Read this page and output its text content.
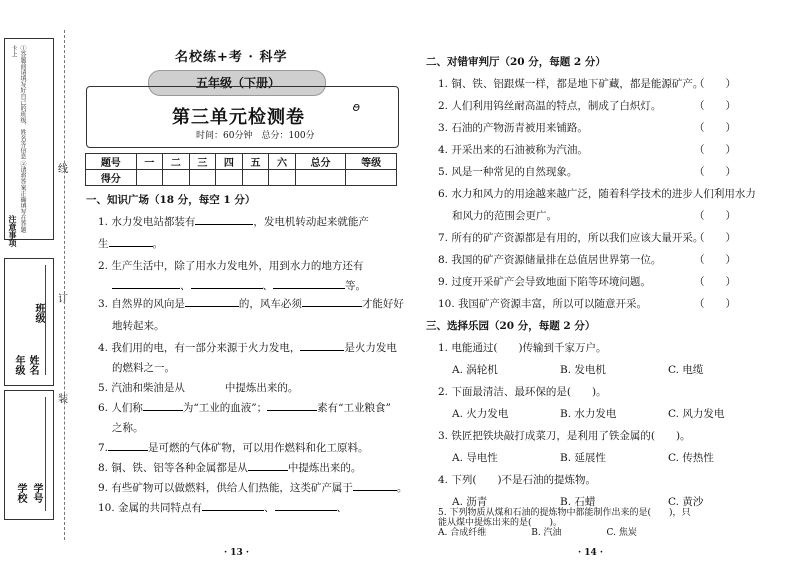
①答题前请填写好自己的班级、姓名等信息 ②请将答案正确填写在答题卡上
注意事项
班级
年级 姓名
学校 学号
线
订
装
名校练+考 · 科学
五年级（下册）
第三单元检测卷
时间：60分钟　总分：100分
ꪮ
题号	一	二	三	四	五	六	总分	等级
得分								
一、知识广场（18 分，每空 1 分）
1. 水力发电站都装有	，发电机转动起来就能产
生	。
2. 生产生活中，除了用水力发电外，用到水力的地方还有
、	、	等。
3. 自然界的风向是	的，风车必须	才能好好
地转起来。
4. 我们用的电，有一部分来源于火力发电，	是火力发电
的燃料之一。
5. 汽油和柴油是从	中提炼出来的。
6. 人们称	为“工业的血液”；	素有“工业粮食”
之称。
7.	是可燃的气体矿物，可以用作燃料和化工原料。
8. 铜、铁、铝等各种金属都是从	中提炼出来的。
9. 有些矿物可以做燃料，供给人们热能，这类矿产属于	。
10. 金属的共同特点有	、	、
· 13 ·
二、对错审判厅（20 分，每题 2 分）
1. 铜、铁、铝跟煤一样，都是地下矿藏，都是能源矿产。
（　　）
2. 人们利用钨丝耐高温的特点，制成了白炽灯。	（　　）
3. 石油的产物沥青被用来铺路。	（　　）
4. 开采出来的石油被称为汽油。	（　　）
5. 风是一种常见的自然现象。	（　　）
6. 水力和风力的用途越来越广泛，随着科学技术的进步人们利用水力
和风力的范围会更广。	（　　）
7. 所有的矿产资源都是有用的，所以我们应该大量开采。
（　　）
8. 我国的矿产资源储量排在总值居世界第一位。	（　　）
9. 过度开采矿产会导致地面下陷等环境问题。	（　　）
10. 我国矿产资源丰富，所以可以随意开采。	（　　）
三、选择乐园（20 分，每题 2 分）
1. 电能通过(　　)传输到千家万户。
A. 涡轮机	B. 发电机	C. 电缆
2. 下面最清洁、最环保的是(　　)。
A. 火力发电	B. 水力发电	C. 风力发电
3. 铁匠把铁块敲打成菜刀，是利用了铁金属的(　　)。
A. 导电性	B. 延展性	C. 传热性
4. 下列(　　)不是石油的提炼物。
A. 沥青	B. 石蜡	C. 黄沙
· 14 ·
5. 下列物质从煤和石油的提炼物中都能制作出来的是(　　)，只
能从煤中提炼出来的是(　　)。
A. 合成纤维　　　　　B. 汽油　　　　　C. 焦炭
